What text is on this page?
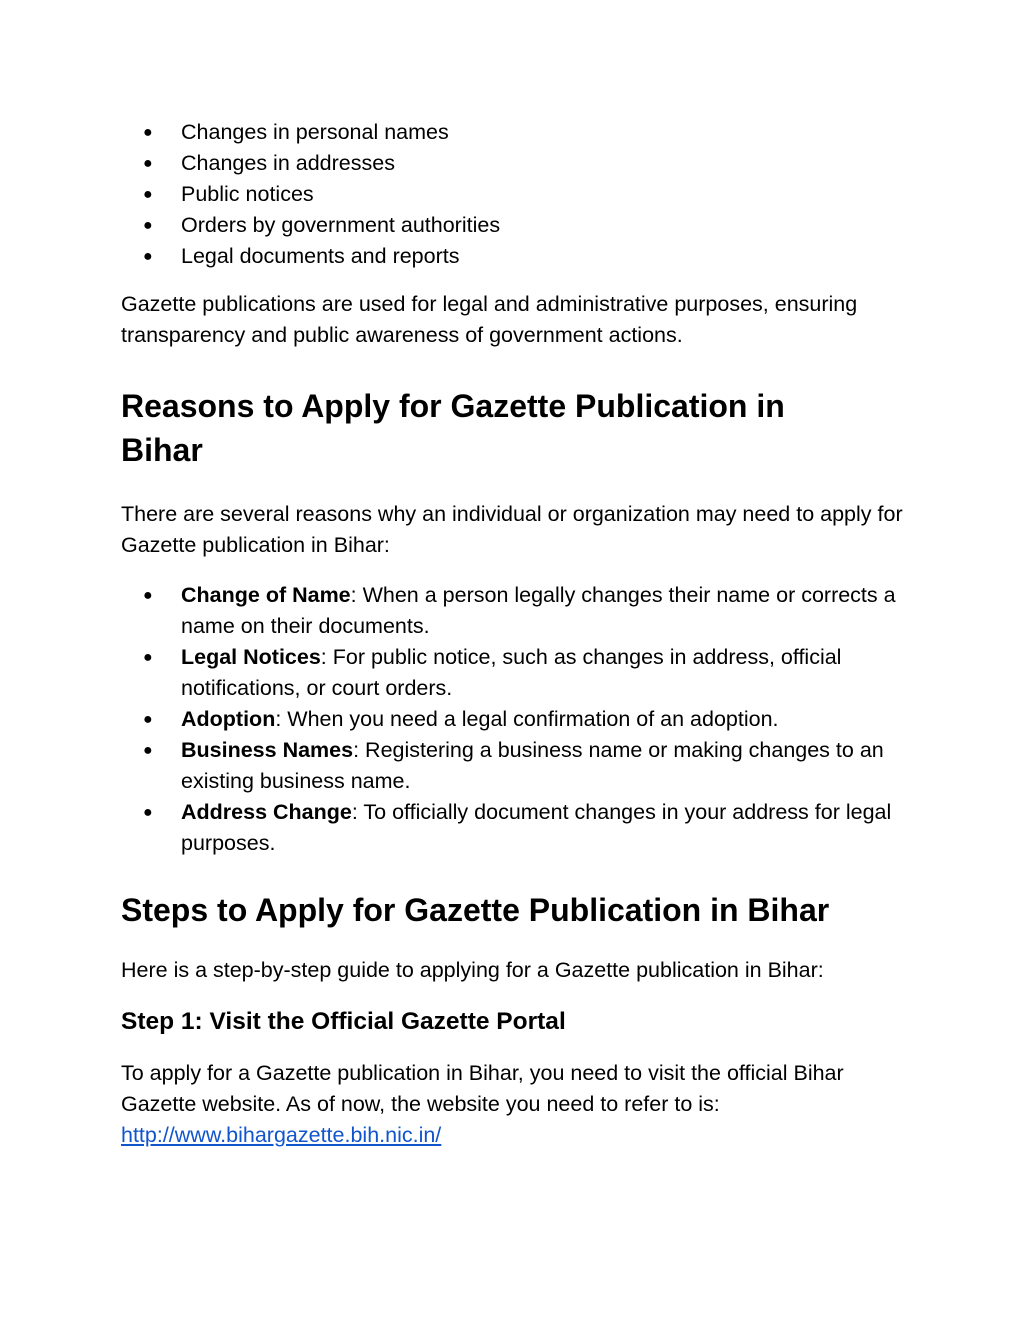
●	Changes in personal names
●	Changes in addresses
●	Public notices
●	Orders by government authorities
●	Legal documents and reports

Gazette publications are used for legal and administrative purposes, ensuring transparency and public awareness of government actions.

Reasons to Apply for Gazette Publication in Bihar

There are several reasons why an individual or organization may need to apply for Gazette publication in Bihar:

●	Change of Name: When a person legally changes their name or corrects a name on their documents.
●	Legal Notices: For public notice, such as changes in address, official notifications, or court orders.
●	Adoption: When you need a legal confirmation of an adoption.
●	Business Names: Registering a business name or making changes to an existing business name.
●	Address Change: To officially document changes in your address for legal purposes.
Steps to Apply for Gazette Publication in Bihar

Here is a step-by-step guide to applying for a Gazette publication in Bihar:

Step 1: Visit the Official Gazette Portal

To apply for a Gazette publication in Bihar, you need to visit the official Bihar Gazette website. As of now, the website you need to refer to is:
http://www.bihargazette.bih.nic.in/
